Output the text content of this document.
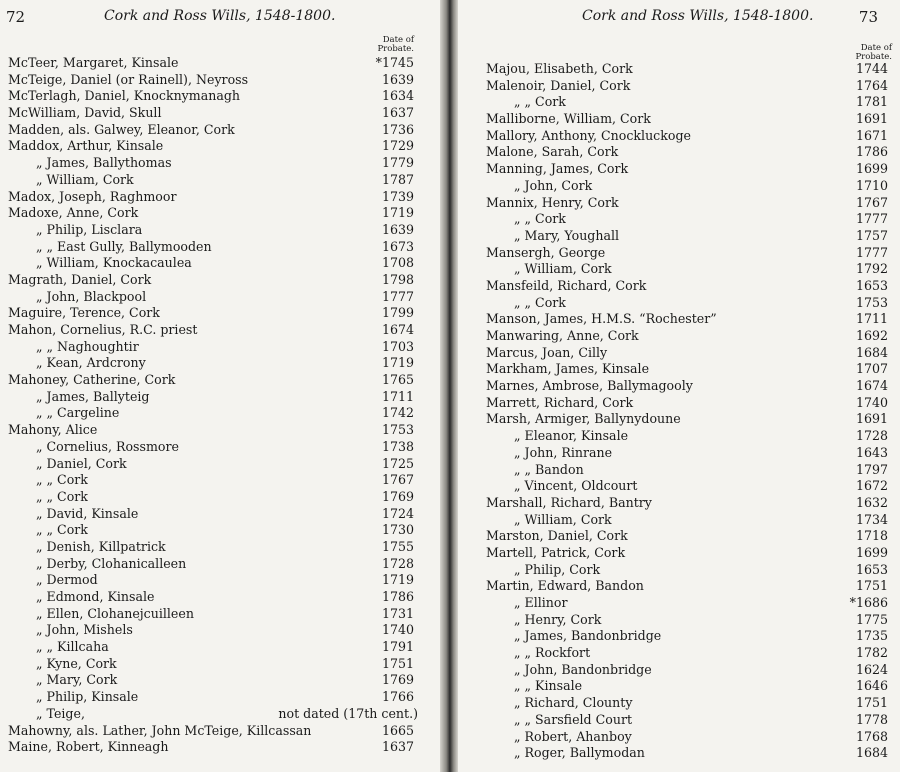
72	Cork and Ross Wills, 1548-1800.
Date of Probate.
McTeer, Margaret, Kinsale	*1745
McTeige, Daniel (or Rainell), Neyross	1639
McTerlagh, Daniel, Knocknymanagh	1634
McWilliam, David, Skull	1637
Madden, als. Galwey, Eleanor, Cork	1736
Maddox, Arthur, Kinsale	1729
„ James, Ballythomas	1779
„ William, Cork	1787
Madox, Joseph, Raghmoor	1739
Madoxe, Anne, Cork	1719
„ Philip, Lisclara	1639
„ „ East Gully, Ballymooden	1673
„ William, Knockacaulea	1708
Magrath, Daniel, Cork	1798
„ John, Blackpool	1777
Maguire, Terence, Cork	1799
Mahon, Cornelius, R.C. priest	1674
„ „ Naghoughtir	1703
„ Kean, Ardcrony	1719
Mahoney, Catherine, Cork	1765
„ James, Ballyteig	1711
„ „ Cargeline	1742
Mahony, Alice	1753
„ Cornelius, Rossmore	1738
„ Daniel, Cork	1725
„ „ Cork	1767
„ „ Cork	1769
„ David, Kinsale	1724
„ „ Cork	1730
„ Denish, Killpatrick	1755
„ Derby, Clohanicalleen	1728
„ Dermod	1719
„ Edmond, Kinsale	1786
„ Ellen, Clohanejcuilleen	1731
„ John, Mishels	1740
„ „ Killcaha	1791
„ Kyne, Cork	1751
„ Mary, Cork	1769
„ Philip, Kinsale	1766
„ Teige,	not dated (17th cent.)
Mahowny, als. Lather, John McTeige, Killcassan	1665
Maine, Robert, Kinneagh	1637
Cork and Ross Wills, 1548-1800.	73
Date of Probate.
Majou, Elisabeth, Cork	1744
Malenoir, Daniel, Cork	1764
„ „ Cork	1781
Malliborne, William, Cork	1691
Mallory, Anthony, Cnockluckoge	1671
Malone, Sarah, Cork	1786
Manning, James, Cork	1699
„ John, Cork	1710
Mannix, Henry, Cork	1767
„ „ Cork	1777
„ Mary, Youghall	1757
Mansergh, George	1777
„ William, Cork	1792
Mansfeild, Richard, Cork	1653
„ „ Cork	1753
Manson, James, H.M.S. “Rochester”	1711
Manwaring, Anne, Cork	1692
Marcus, Joan, Cilly	1684
Markham, James, Kinsale	1707
Marnes, Ambrose, Ballymagooly	1674
Marrett, Richard, Cork	1740
Marsh, Armiger, Ballynydoune	1691
„ Eleanor, Kinsale	1728
„ John, Rinrane	1643
„ „ Bandon	1797
„ Vincent, Oldcourt	1672
Marshall, Richard, Bantry	1632
„ William, Cork	1734
Marston, Daniel, Cork	1718
Martell, Patrick, Cork	1699
„ Philip, Cork	1653
Martin, Edward, Bandon	1751
„ Ellinor	*1686
„ Henry, Cork	1775
„ James, Bandonbridge	1735
„ „ Rockfort	1782
„ John, Bandonbridge	1624
„ „ Kinsale	1646
„ Richard, Clounty	1751
„ „ Sarsfield Court	1778
„ Robert, Ahanboy	1768
„ Roger, Ballymodan	1684
